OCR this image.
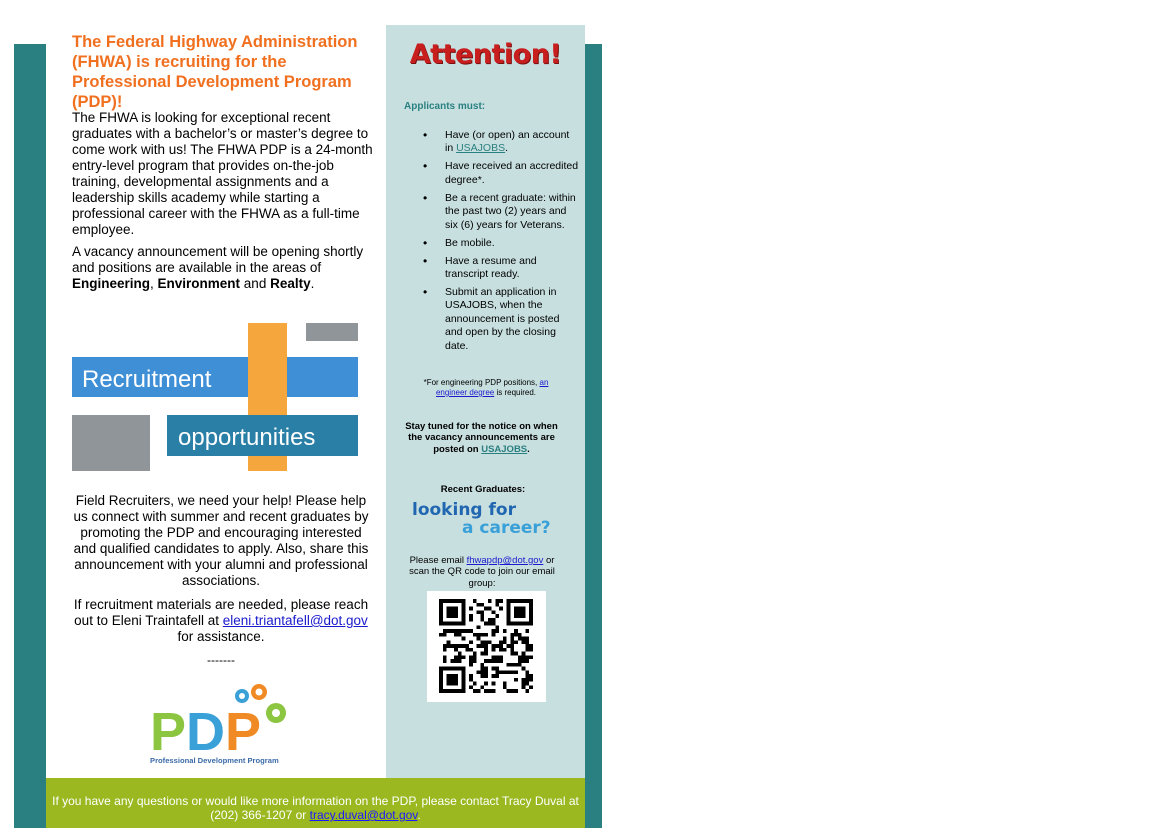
The Federal Highway Administration (FHWA) is recruiting for the Professional Development Program (PDP)!

The FHWA is looking for exceptional recent graduates with a bachelor’s or master’s degree to come work with us! The FHWA PDP is a 24-month entry-level program that provides on-the-job training, developmental assignments and a leadership skills academy while starting a professional career with the FHWA as a full-time employee.

A vacancy announcement will be opening shortly and positions are available in the areas of Engineering, Environment and Realty.

Recruitment
opportunities

Field Recruiters, we need your help! Please help us connect with summer and recent graduates by promoting the PDP and encouraging interested and qualified candidates to apply. Also, share this announcement with your alumni and professional associations.

If recruitment materials are needed, please reach out to Eleni Traintafell at eleni.triantafell@dot.gov for assistance.

-------
PDP
Professional Development Program
Attention!
Applicants must:
• Have (or open) an account in USAJOBS.
• Have received an accredited degree*.
• Be a recent graduate: within the past two (2) years and six (6) years for Veterans.
• Be mobile.
• Have a resume and transcript ready.
• Submit an application in USAJOBS, when the announcement is posted and open by the closing date.
*For engineering PDP positions, an engineer degree is required.
Stay tuned for the notice on when the vacancy announcements are posted on USAJOBS.
Recent Graduates:
looking for
a career?
Please email fhwapdp@dot.gov or scan the QR code to join our email group:
If you have any questions or would like more information on the PDP, please contact Tracy Duval at (202) 366-1207 or tracy.duval@dot.gov.
